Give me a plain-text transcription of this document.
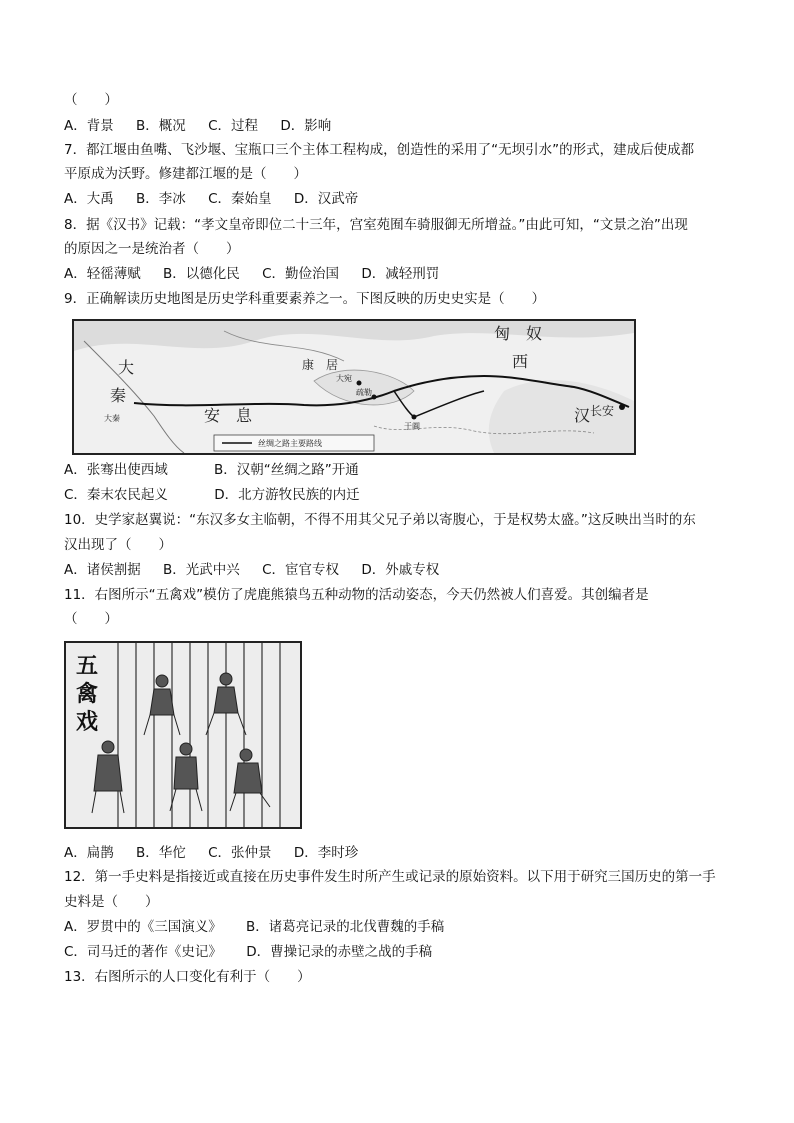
（　　）
A．背景 B．概况 C．过程 D．影响
7．都江堰由鱼嘴、飞沙堰、宝瓶口三个主体工程构成，创造性的采用了“无坝引水”的形式，建成后使成都
平原成为沃野。修建都江堰的是（　　）
A．大禹 B．李冰 C．秦始皇 D．汉武帝
8．据《汉书》记载：“孝文皇帝即位二十三年，宫室苑囿车骑服御无所增益。”由此可知，“文景之治”出现
的原因之一是统治者（　　）
A．轻徭薄赋 B．以德化民 C．勤俭治国 D．减轻刑罚
9．正确解读历史地图是历史学科重要素养之一。下图反映的历史史实是（　　）
匈　奴
西
大
秦
大秦	安　息
康　居
大宛
疏勒
于阗
长安
汉
丝绸之路主要路线
A．张骞出使西域	B．汉朝“丝绸之路”开通
C．秦末农民起义	D．北方游牧民族的内迁
10．史学家赵翼说：“东汉多女主临朝，不得不用其父兄子弟以寄腹心，于是权势太盛。”这反映出当时的东
汉出现了（　　）
A．诸侯割据 B．光武中兴 C．宦官专权 D．外戚专权
11．右图所示“五禽戏”模仿了虎鹿熊猿鸟五种动物的活动姿态，今天仍然被人们喜爱。其创编者是
（　　）
五
禽
戏
A．扁鹊 B．华佗 C．张仲景 D．李时珍
12．第一手史料是指接近或直接在历史事件发生时所产生或记录的原始资料。以下用于研究三国历史的第一手
史料是（　　）
A．罗贯中的《三国演义》 B．诸葛亮记录的北伐曹魏的手稿
C．司马迁的著作《史记》 D．曹操记录的赤壁之战的手稿
13．右图所示的人口变化有利于（　　）
